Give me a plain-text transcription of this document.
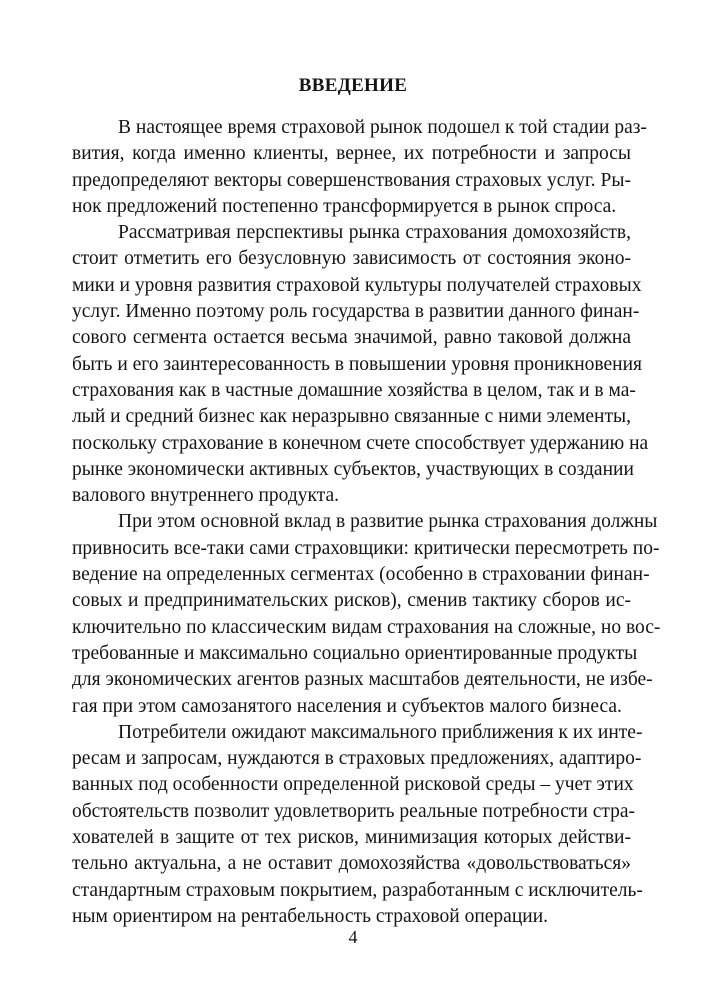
ВВЕДЕНИЕ
В настоящее время страховой рынок подошел к той стадии раз-
вития, когда именно клиенты, вернее, их потребности и запросы
предопределяют векторы совершенствования страховых услуг. Ры-
нок предложений постепенно трансформируется в рынок спроса.
Рассматривая перспективы рынка страхования домохозяйств,
стоит отметить его безусловную зависимость от состояния эконо-
мики и уровня развития страховой культуры получателей страховых
услуг. Именно поэтому роль государства в развитии данного финан-
сового сегмента остается весьма значимой, равно таковой должна
быть и его заинтересованность в повышении уровня проникновения
страхования как в частные домашние хозяйства в целом, так и в ма-
лый и средний бизнес как неразрывно связанные с ними элементы,
поскольку страхование в конечном счете способствует удержанию на
рынке экономически активных субъектов, участвующих в создании
валового внутреннего продукта.
При этом основной вклад в развитие рынка страхования должны
привносить все-таки сами страховщики: критически пересмотреть по-
ведение на определенных сегментах (особенно в страховании финан-
совых и предпринимательских рисков), сменив тактику сборов ис-
ключительно по классическим видам страхования на сложные, но вос-
требованные и максимально социально ориентированные продукты
для экономических агентов разных масштабов деятельности, не избе-
гая при этом самозанятого населения и субъектов малого бизнеса.
Потребители ожидают максимального приближения к их инте-
ресам и запросам, нуждаются в страховых предложениях, адаптиро-
ванных под особенности определенной рисковой среды – учет этих
обстоятельств позволит удовлетворить реальные потребности стра-
хователей в защите от тех рисков, минимизация которых действи-
тельно актуальна, а не оставит домохозяйства «довольствоваться»
стандартным страховым покрытием, разработанным с исключитель-
ным ориентиром на рентабельность страховой операции.
4
